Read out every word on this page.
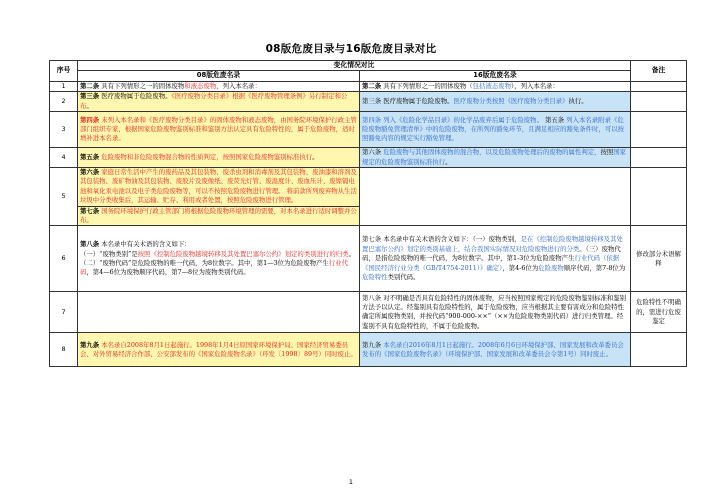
08版危废目录与16版危废目录对比
序号	变化情况对比		备注
	08版危废名录	16版危废名录	
1	第二条 具有下列情形之一的固体废物和液态废物，列入本名录：	第二条 具有下列情形之一的固体废物（包括液态废物），列入本名录：	
2	第三条 医疗废物属于危险废物。《医疗废物分类目录》根据《医疗废物管理条例》另行制定和公布。	第三条 医疗废物属于危险废物。医疗废物分类按照《医疗废物分类目录》执行。	
3	第四条 未列入本名录和《医疗废物分类目录》的固体废物和液态废物，由国务院环境保护行政主管部门组织专家，根据国家危险废物鉴别标准和鉴别方法认定具有危险特性的，属于危险废物，适时增补进本名录。	第四条 列入《危险化学品目录》的化学品废弃后属于危险废物。 第五条 列入本名录附录《危险废物豁免管理清单》中的危险废物，在所列的豁免环节，且满足相应的豁免条件时，可以按照豁免内容的规定实行豁免管理。	
4	第五条 危险废物和非危险废物混合物的性质判定，按照国家危险废物鉴别标准执行。	第六条 危险废物与其他固体废物的混合物，以及危险废物处理后的废物的属性判定，按照国家规定的危险废物鉴别标准执行。	
5	第六条 家庭日常生活中产生的废药品及其包装物、废杀虫剂和消毒剂及其包装物、废油漆和溶剂及其包装物、废矿物油及其包装物、废胶片及废像纸、废荧光灯管、废温度计、废血压计、废镍镉电池和氧化汞电池以及电子类危险废物等，可以不按照危险废物进行管理。 将前款所列废弃物从生活垃圾中分类收集后，其运输、贮存、利用或者处置，按照危险废物进行管理。		
	第七条 国务院环境保护行政主管部门将根据危险废物环境管理的需要，对本名录进行适时调整并公布。		
6	第八条 本名录中有关术语的含义如下：
（一）“废物类别”是按照《控制危险废物越境转移及其处置巴塞尔公约》划定的类别进行的归类。（二）“废物代码”是危险废物的唯一代码，为8位数字。其中，第1—3位为危险废物产生行业代码，第4—6位为废物顺序代码，第7—8位为废物类别代码。	第七条 本名录中有关术语的含义如下：（一）废物类别，是在《控制危险废物越境转移及其处置巴塞尔公约》划定的类别基础上，结合我国实际情况对危险废物进行的分类。（三）废物代码，是指危险废物的唯一代码，为8位数字。其中，第1-3位为危险废物产生行业代码（依据《国民经济行业分类（GB/T4754-2011）》确定），第4-6位为危险废物顺序代码，第7-8位为危险特性类别代码。	修改部分术语解释
7		第八条 对不明确是否具有危险特性的固体废物，应当按照国家规定的危险废物鉴别标准和鉴别方法予以认定。经鉴别具有危险特性的，属于危险废物，应当根据其主要有害成分和危险特性确定所属废物类别，并按代码“900-000-××”（××为危险废物类别代码）进行归类管理。经鉴别不具有危险特性的，不属于危险废物。	危险特性不明确的，需进行危废鉴定
8	第九条 本名录自2008年8月1日起施行。1998年1月4日原国家环境保护局、国家经济贸易委员会、对外贸易经济合作部、公安部发布的《国家危险废物名录》（环发〔1998〕89号）同时废止。	第九条 本名录自2016年8月1日起施行。2008年6月6日环境保护部、国家发展和改革委员会发布的《国家危险废物名录》（环境保护部、国家发展和改革委员会令第1号）同时废止。	
1
